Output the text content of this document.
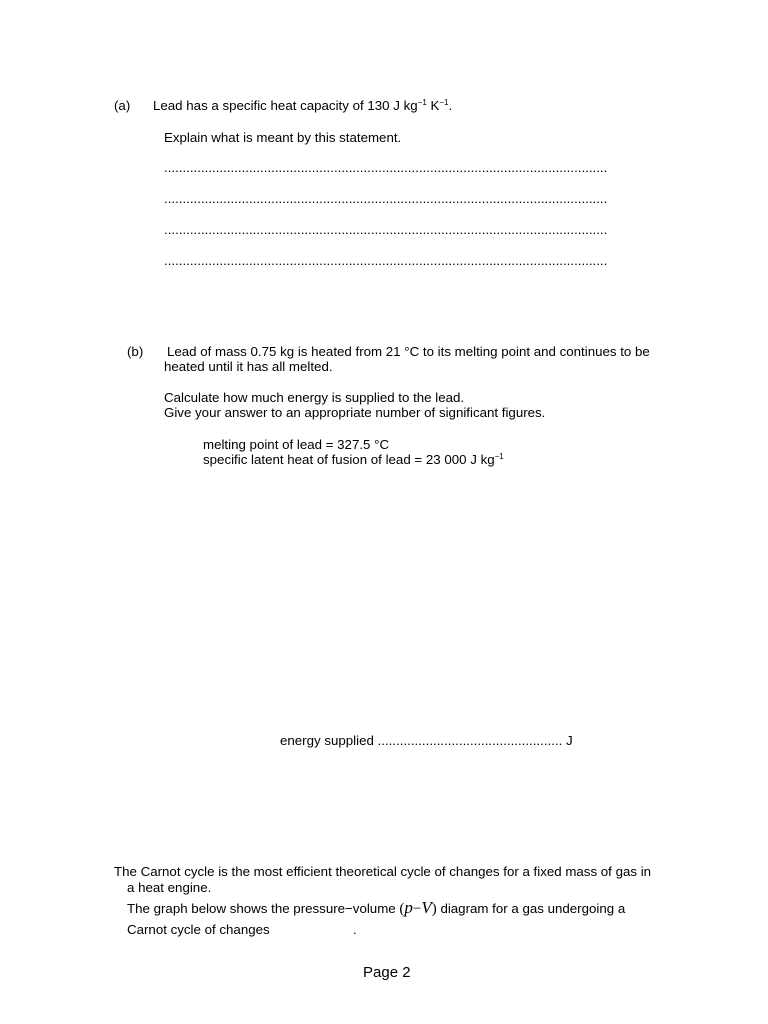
(a) Lead has a specific heat capacity of 130 J $kg^{-1}$ $K^{-1}$.
Explain what is meant by this statement.
........................................................................................................................
........................................................................................................................
........................................................................................................................
........................................................................................................................
(b) Lead of mass 0.75 kg is heated from 21 °C to its melting point and continues to be
heated until it has all melted.
Calculate how much energy is supplied to the lead.
Give your answer to an appropriate number of significant figures.
melting point of lead = 327.5 °C
specific latent heat of fusion of lead = 23 000 J $kg^{-1}$
energy supplied .................................................. J
The Carnot cycle is the most efficient theoretical cycle of changes for a fixed mass of gas in
a heat engine.
The graph below shows the pressure−volume (p−V) diagram for a gas undergoing a
Carnot cycle of changes	.
Page 2
